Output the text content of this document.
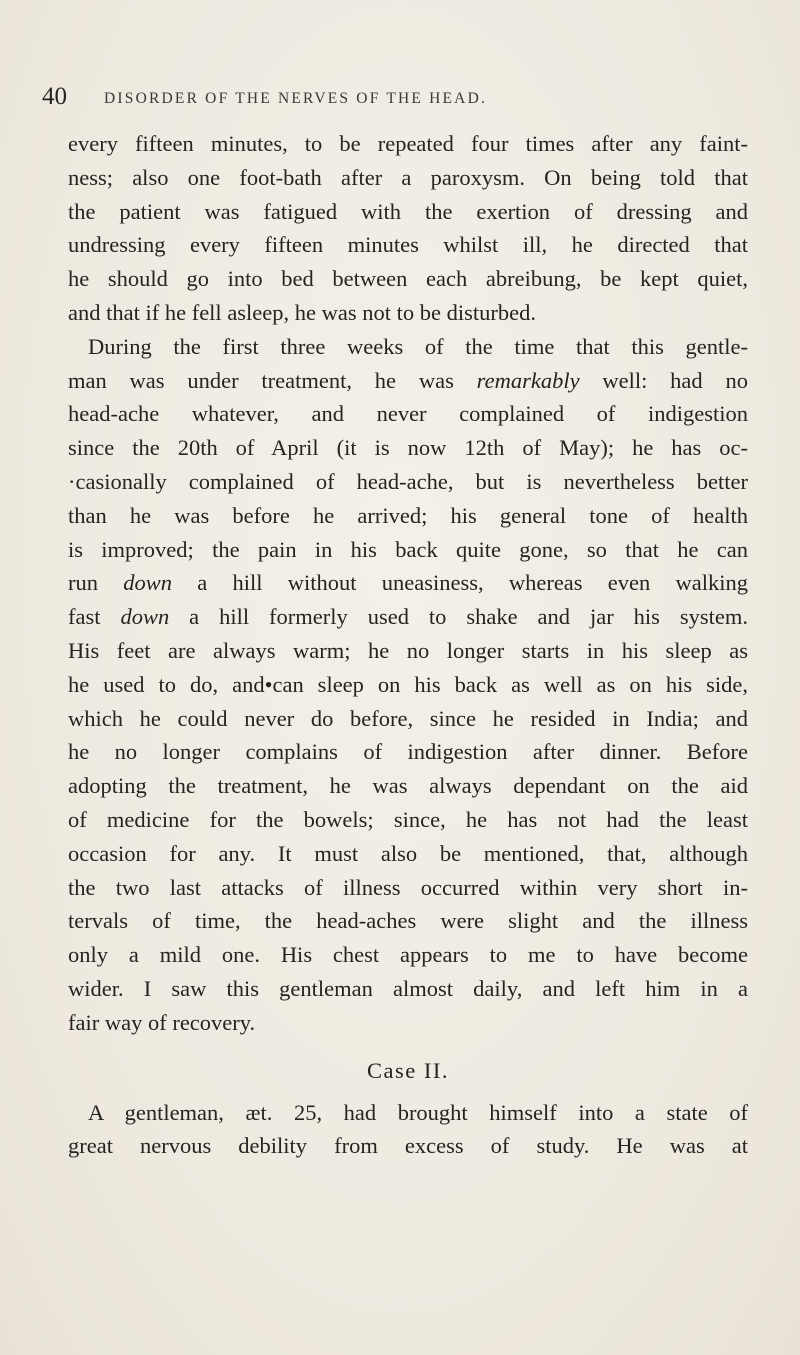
40 DISORDER OF THE NERVES OF THE HEAD.
every fifteen minutes, to be repeated four times after any faint-
ness; also one foot-bath after a paroxysm. On being told that
the patient was fatigued with the exertion of dressing and
undressing every fifteen minutes whilst ill, he directed that
he should go into bed between each abreibung, be kept quiet,
and that if he fell asleep, he was not to be disturbed.
During the first three weeks of the time that this gentle-
man was under treatment, he was remarkably well: had no
head-ache whatever, and never complained of indigestion
since the 20th of April (it is now 12th of May); he has oc-
·casionally complained of head-ache, but is nevertheless better
than he was before he arrived; his general tone of health
is improved; the pain in his back quite gone, so that he can
run down a hill without uneasiness, whereas even walking
fast down a hill formerly used to shake and jar his system.
His feet are always warm; he no longer starts in his sleep as
he used to do, and•can sleep on his back as well as on his side,
which he could never do before, since he resided in India; and
he no longer complains of indigestion after dinner. Before
adopting the treatment, he was always dependant on the aid
of medicine for the bowels; since, he has not had the least
occasion for any. It must also be mentioned, that, although
the two last attacks of illness occurred within very short in-
tervals of time, the head-aches were slight and the illness
only a mild one. His chest appears to me to have become
wider. I saw this gentleman almost daily, and left him in a
fair way of recovery.
Case II.
A gentleman, æt. 25, had brought himself into a state of
great nervous debility from excess of study. He was at
